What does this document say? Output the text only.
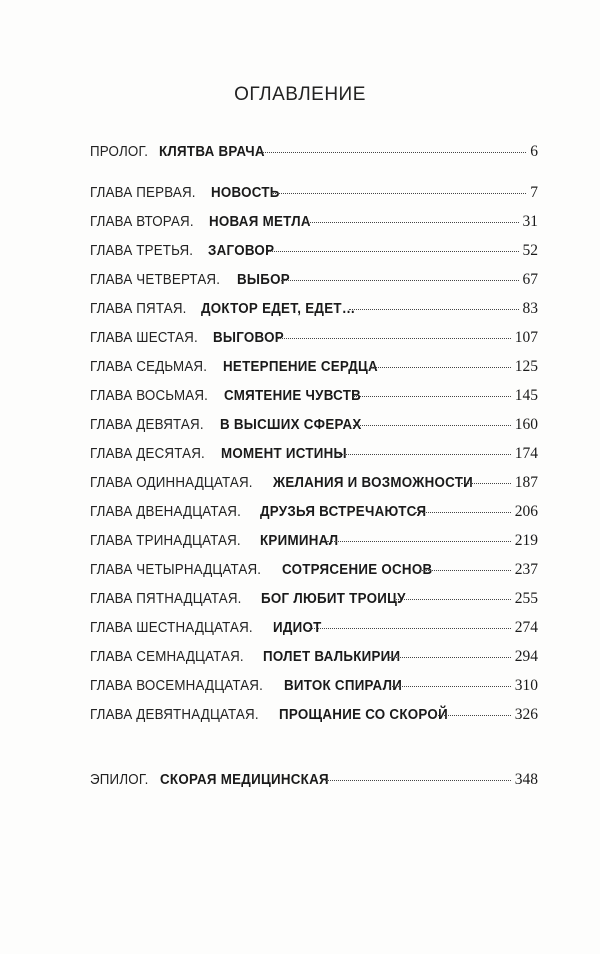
ОГЛАВЛЕНИЕ
ПРОЛОГ. КЛЯТВА ВРАЧА	6
ГЛАВА ПЕРВАЯ. НОВОСТЬ	7
ГЛАВА ВТОРАЯ. НОВАЯ МЕТЛА	31
ГЛАВА ТРЕТЬЯ. ЗАГОВОР	52
ГЛАВА ЧЕТВЕРТАЯ. ВЫБОР	67
ГЛАВА ПЯТАЯ. ДОКТОР ЕДЕТ, ЕДЕТ…	83
ГЛАВА ШЕСТАЯ. ВЫГОВОР	107
ГЛАВА СЕДЬМАЯ. НЕТЕРПЕНИЕ СЕРДЦА	125
ГЛАВА ВОСЬМАЯ. СМЯТЕНИЕ ЧУВСТВ	145
ГЛАВА ДЕВЯТАЯ. В ВЫСШИХ СФЕРАХ	160
ГЛАВА ДЕСЯТАЯ. МОМЕНТ ИСТИНЫ	174
ГЛАВА ОДИННАДЦАТАЯ. ЖЕЛАНИЯ И ВОЗМОЖНОСТИ	187
ГЛАВА ДВЕНАДЦАТАЯ. ДРУЗЬЯ ВСТРЕЧАЮТСЯ	206
ГЛАВА ТРИНАДЦАТАЯ. КРИМИНАЛ	219
ГЛАВА ЧЕТЫРНАДЦАТАЯ. СОТРЯСЕНИЕ ОСНОВ	237
ГЛАВА ПЯТНАДЦАТАЯ. БОГ ЛЮБИТ ТРОИЦУ	255
ГЛАВА ШЕСТНАДЦАТАЯ. ИДИОТ	274
ГЛАВА СЕМНАДЦАТАЯ. ПОЛЕТ ВАЛЬКИРИИ	294
ГЛАВА ВОСЕМНАДЦАТАЯ. ВИТОК СПИРАЛИ	310
ГЛАВА ДЕВЯТНАДЦАТАЯ. ПРОЩАНИЕ СО СКОРОЙ	326
ЭПИЛОГ. СКОРАЯ МЕДИЦИНСКАЯ	348
